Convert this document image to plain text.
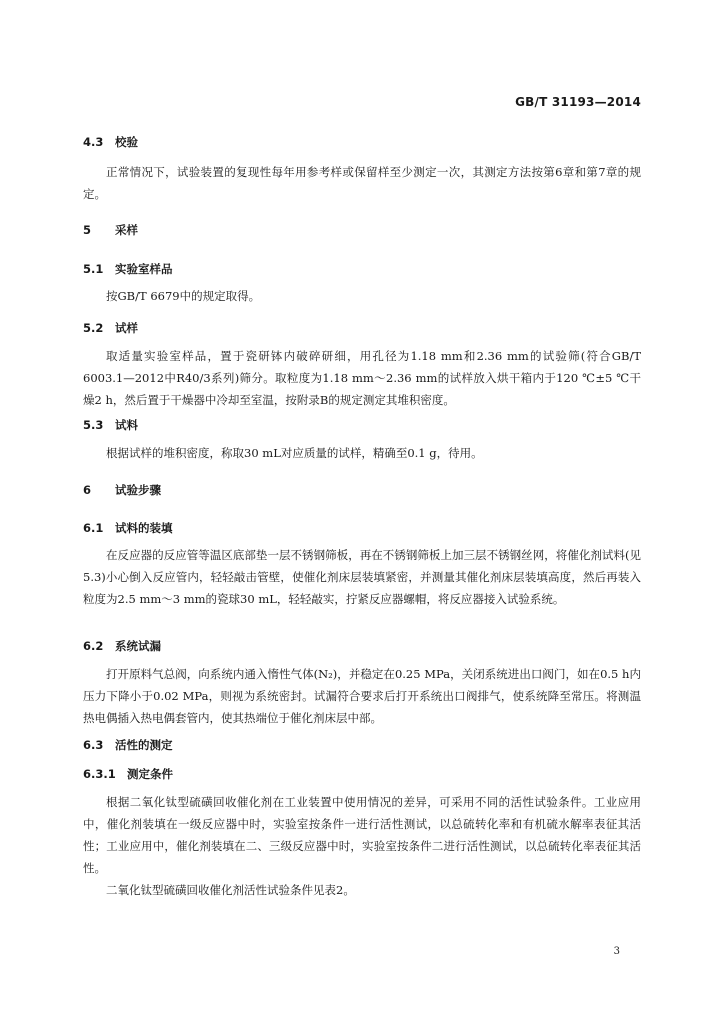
GB/T 31193—2014
4.3 校验
正常情况下，试验装置的复现性每年用参考样或保留样至少测定一次，其测定方法按第6章和第7章的规定。
5 采样
5.1 实验室样品
按GB/T 6679中的规定取得。
5.2 试样
取适量实验室样品，置于瓷研钵内破碎研细，用孔径为1.18 mm和2.36 mm的试验筛(符合GB/T 6003.1—2012中R40/3系列)筛分。取粒度为1.18 mm～2.36 mm的试样放入烘干箱内于120 ℃±5 ℃干燥2 h，然后置于干燥器中冷却至室温，按附录B的规定测定其堆积密度。
5.3 试料
根据试样的堆积密度，称取30 mL对应质量的试样，精确至0.1 g，待用。
6 试验步骤
6.1 试料的装填
在反应器的反应管等温区底部垫一层不锈钢筛板，再在不锈钢筛板上加三层不锈钢丝网，将催化剂试料(见5.3)小心倒入反应管内，轻轻敲击管壁，使催化剂床层装填紧密，并测量其催化剂床层装填高度，然后再装入粒度为2.5 mm～3 mm的瓷球30 mL，轻轻敲实，拧紧反应器螺帽，将反应器接入试验系统。
6.2 系统试漏
打开原料气总阀，向系统内通入惰性气体(N₂)，并稳定在0.25 MPa，关闭系统进出口阀门，如在0.5 h内压力下降小于0.02 MPa，则视为系统密封。试漏符合要求后打开系统出口阀排气，使系统降至常压。将测温热电偶插入热电偶套管内，使其热端位于催化剂床层中部。
6.3 活性的测定
6.3.1 测定条件
根据二氧化钛型硫磺回收催化剂在工业装置中使用情况的差异，可采用不同的活性试验条件。工业应用中，催化剂装填在一级反应器中时，实验室按条件一进行活性测试，以总硫转化率和有机硫水解率表征其活性；工业应用中，催化剂装填在二、三级反应器中时，实验室按条件二进行活性测试，以总硫转化率表征其活性。
二氧化钛型硫磺回收催化剂活性试验条件见表2。
3
